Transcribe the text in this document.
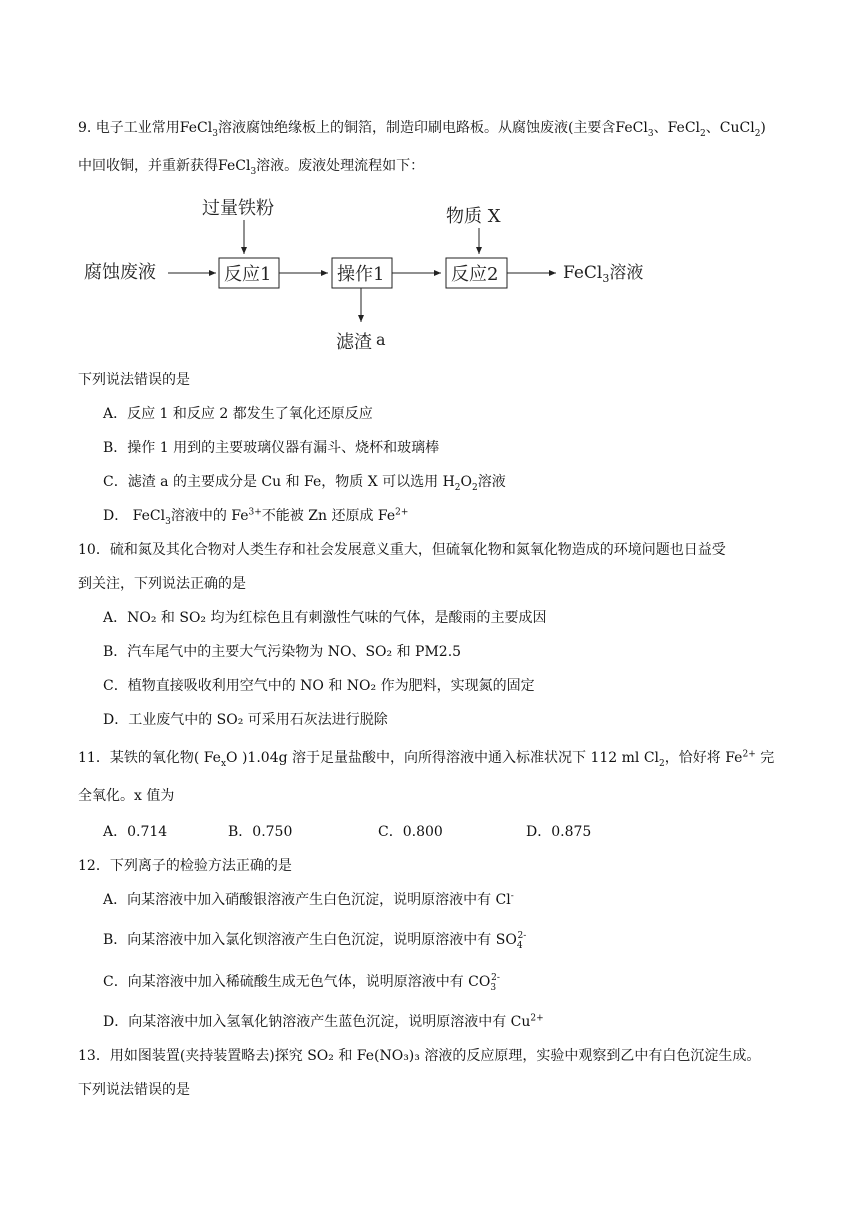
9. 电子工业常用FeCl$_3$溶液腐蚀绝缘板上的铜箔，制造印刷电路板。从腐蚀废液(主要含FeCl$_3$、FeCl$_2$、CuCl$_2$)
中回收铜，并重新获得FeCl$_3$溶液。废液处理流程如下：
腐蚀废液
过量铁粉
反应1	操作1
滤渣 a
物质 X
反应2	FeCl$_3$溶液
下列说法错误的是
A．反应 1 和反应 2 都发生了氧化还原反应
B．操作 1 用到的主要玻璃仪器有漏斗、烧杯和玻璃棒
C．滤渣 a 的主要成分是 Cu 和 Fe，物质 X 可以选用 $H_2O_2$溶液
D． FeCl$_3$溶液中的 $Fe^{3+}$不能被 Zn 还原成 $Fe^{2+}$
10．硫和氮及其化合物对人类生存和社会发展意义重大，但硫氧化物和氮氧化物造成的环境问题也日益受
到关注，下列说法正确的是
A．NO₂ 和 SO₂ 均为红棕色且有刺激性气味的气体，是酸雨的主要成因
B．汽车尾气中的主要大气污染物为 NO、SO₂ 和 PM2.5
C．植物直接吸收利用空气中的 NO 和 NO₂ 作为肥料，实现氮的固定
D．工业废气中的 SO₂ 可采用石灰法进行脱除
11．某铁的氧化物( $Fe_xO$ )1.04g 溶于足量盐酸中，向所得溶液中通入标准状况下 112 ml $Cl_2$，恰好将 $Fe^{2+}$ 完
全氧化。x 值为
A．0.714	B．0.750	C．0.800	D．0.875
12．下列离子的检验方法正确的是
A．向某溶液中加入硝酸银溶液产生白色沉淀，说明原溶液中有 Cl-
B．向某溶液中加入氯化钡溶液产生白色沉淀，说明原溶液中有 $SO_4^{2-}$
C．向某溶液中加入稀硫酸生成无色气体，说明原溶液中有 $CO_3^{2-}$
D．向某溶液中加入氢氧化钠溶液产生蓝色沉淀，说明原溶液中有 $Cu^{2+}$
13．用如图装置(夹持装置略去)探究 SO₂ 和 Fe(NO₃)₃ 溶液的反应原理，实验中观察到乙中有白色沉淀生成。
下列说法错误的是
